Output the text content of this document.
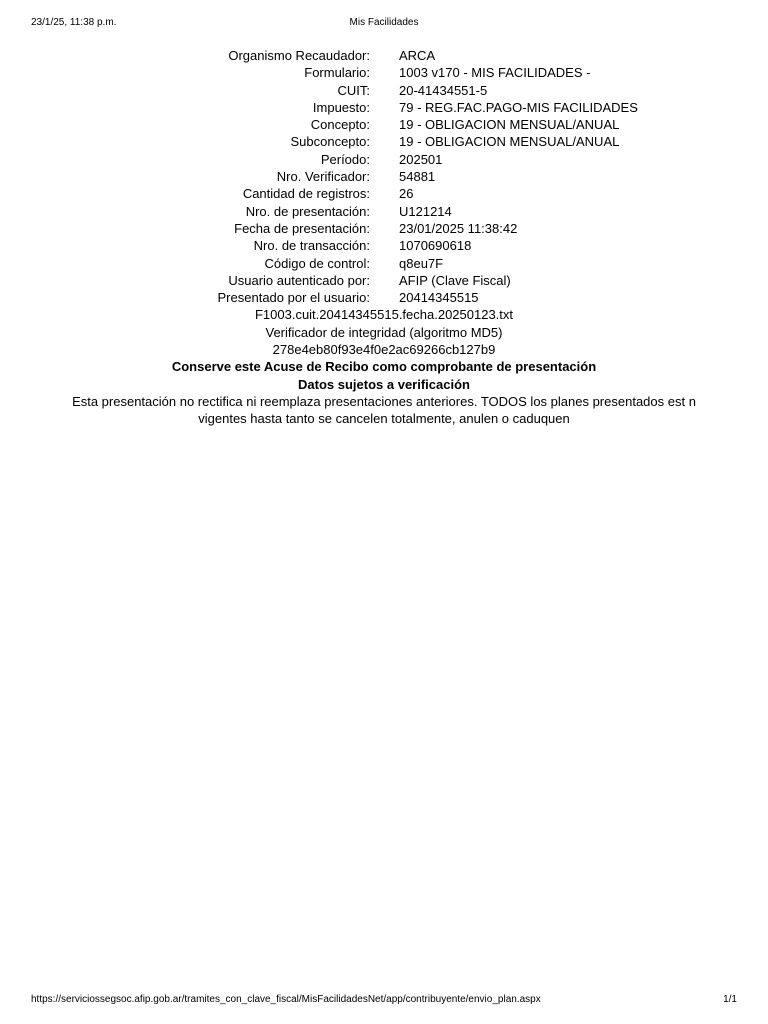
23/1/25, 11:38 p.m.	Mis Facilidades
Organismo Recaudador: ARCA
Formulario: 1003 v170 - MIS FACILIDADES -
CUIT: 20-41434551-5
Impuesto: 79 - REG.FAC.PAGO-MIS FACILIDADES
Concepto: 19 - OBLIGACION MENSUAL/ANUAL
Subconcepto: 19 - OBLIGACION MENSUAL/ANUAL
Período: 202501
Nro. Verificador: 54881
Cantidad de registros: 26
Nro. de presentación: U121214
Fecha de presentación: 23/01/2025 11:38:42
Nro. de transacción: 1070690618
Código de control: q8eu7F
Usuario autenticado por: AFIP (Clave Fiscal)
Presentado por el usuario: 20414345515
F1003.cuit.20414345515.fecha.20250123.txt
Verificador de integridad (algoritmo MD5)
278e4eb80f93e4f0e2ac69266cb127b9
Conserve este Acuse de Recibo como comprobante de presentación
Datos sujetos a verificación
Esta presentación no rectifica ni reemplaza presentaciones anteriores. TODOS los planes presentados est n vigentes hasta tanto se cancelen totalmente, anulen o caduquen
https://serviciossegsoc.afip.gob.ar/tramites_con_clave_fiscal/MisFacilidadesNet/app/contribuyente/envio_plan.aspx	1/1
